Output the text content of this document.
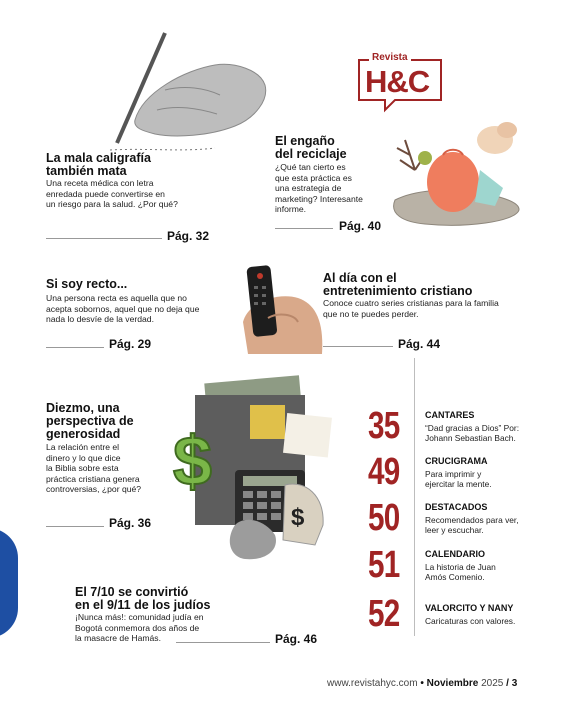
Revista
H&C
La mala caligrafía
también mata
Una receta médica con letra
enredada puede convertirse en
un riesgo para la salud. ¿Por qué?
Pág. 32
El engaño
del reciclaje
¿Qué tan cierto es
que esta práctica es
una estrategia de
marketing? Interesante
informe.
Pág. 40
Si soy recto...
Una persona recta es aquella que no
acepta sobornos, aquel que no deja que
nada lo desvíe de la verdad.
Pág. 29
Al día con el
entretenimiento cristiano
Conoce cuatro series cristianas para la familia
que no te puedes perder.
Pág. 44
Diezmo, una
perspectiva de
generosidad
La relación entre el
dinero y lo que dice
la Biblia sobre esta
práctica cristiana genera
controversias, ¿por qué?
Pág. 36
$
$
El 7/10 se convirtió
en el 9/11 de los judíos
¡Nunca más!: comunidad judía en
Bogotá conmemora dos años de
la masacre de Hamás.	Pág. 46
35	CANTARES
“Dad gracias a Dios” Por:
Johann Sebastian Bach.
49	CRUCIGRAMA
Para imprimir y
ejercitar la mente.
50	DESTACADOS
Recomendados para ver,
leer y escuchar.
51	CALENDARIO
La historia de Juan
Amós Comenio.
52	VALORCITO Y NANY
Caricaturas con valores.
www.revistahyc.com • Noviembre 2025 / 3
